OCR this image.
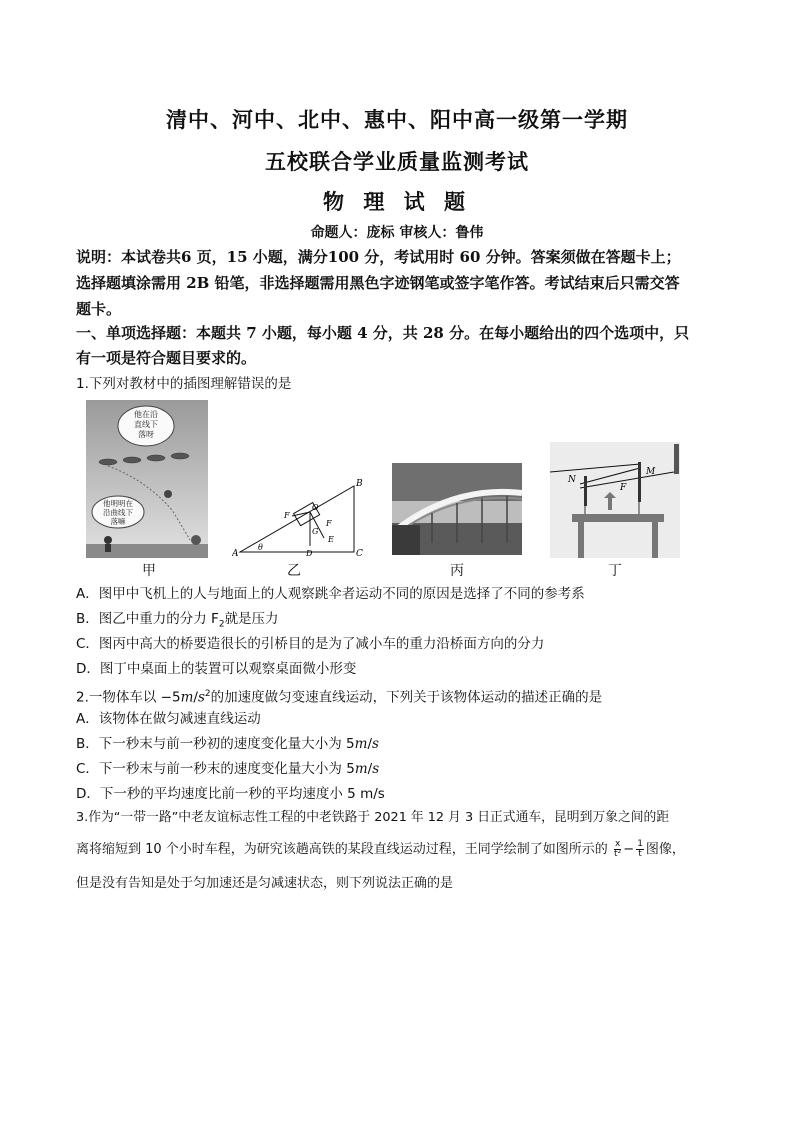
清中、河中、北中、惠中、阳中高一级第一学期
五校联合学业质量监测考试
物 理 试 题
命题人：庞标 审核人：鲁伟
说明：本试卷共6 页，15 小题，满分100 分，考试用时 60 分钟。答案须做在答题卡上；
选择题填涂需用 2B 铅笔，非选择题需用黑色字迹钢笔或签字笔作答。考试结束后只需交答
题卡。
一、单项选择题：本题共 7 小题，每小题 4 分，共 28 分。在每小题给出的四个选项中，只
有一项是符合题目要求的。
1.下列对教材中的插图理解错误的是
他在沿
直线下
落呀
他明明在
沿曲线下
落嘛
A
B
C
θ
O
F
F
G
E
D
N
M
F
甲	乙	丙	丁
A．图甲中飞机上的人与地面上的人观察跳伞者运动不同的原因是选择了不同的参考系
B．图乙中重力的分力 $F_2$就是压力
C．图丙中高大的桥要造很长的引桥目的是为了减小车的重力沿桥面方向的分力
D．图丁中桌面上的装置可以观察桌面微小形变
2.一物体车以 $-5m/s^2$的加速度做匀变速直线运动，下列关于该物体运动的描述正确的是
A．该物体在做匀减速直线运动
B．下一秒末与前一秒初的速度变化量大小为 5m/s
C．下一秒末与前一秒末的速度变化量大小为 5m/s
D．下一秒的平均速度比前一秒的平均速度小 5 m/s
3.作为“一带一路”中老友谊标志性工程的中老铁路于 2021 年 12 月 3 日正式通车，昆明到万象之间的距
离将缩短到 10 个小时车程，为研究该趟高铁的某段直线运动过程，王同学绘制了如图所示的 $\frac{x}{\text{t²}} - \frac{1}{t}$ 图像，
但是没有告知是处于匀加速还是匀减速状态，则下列说法正确的是
